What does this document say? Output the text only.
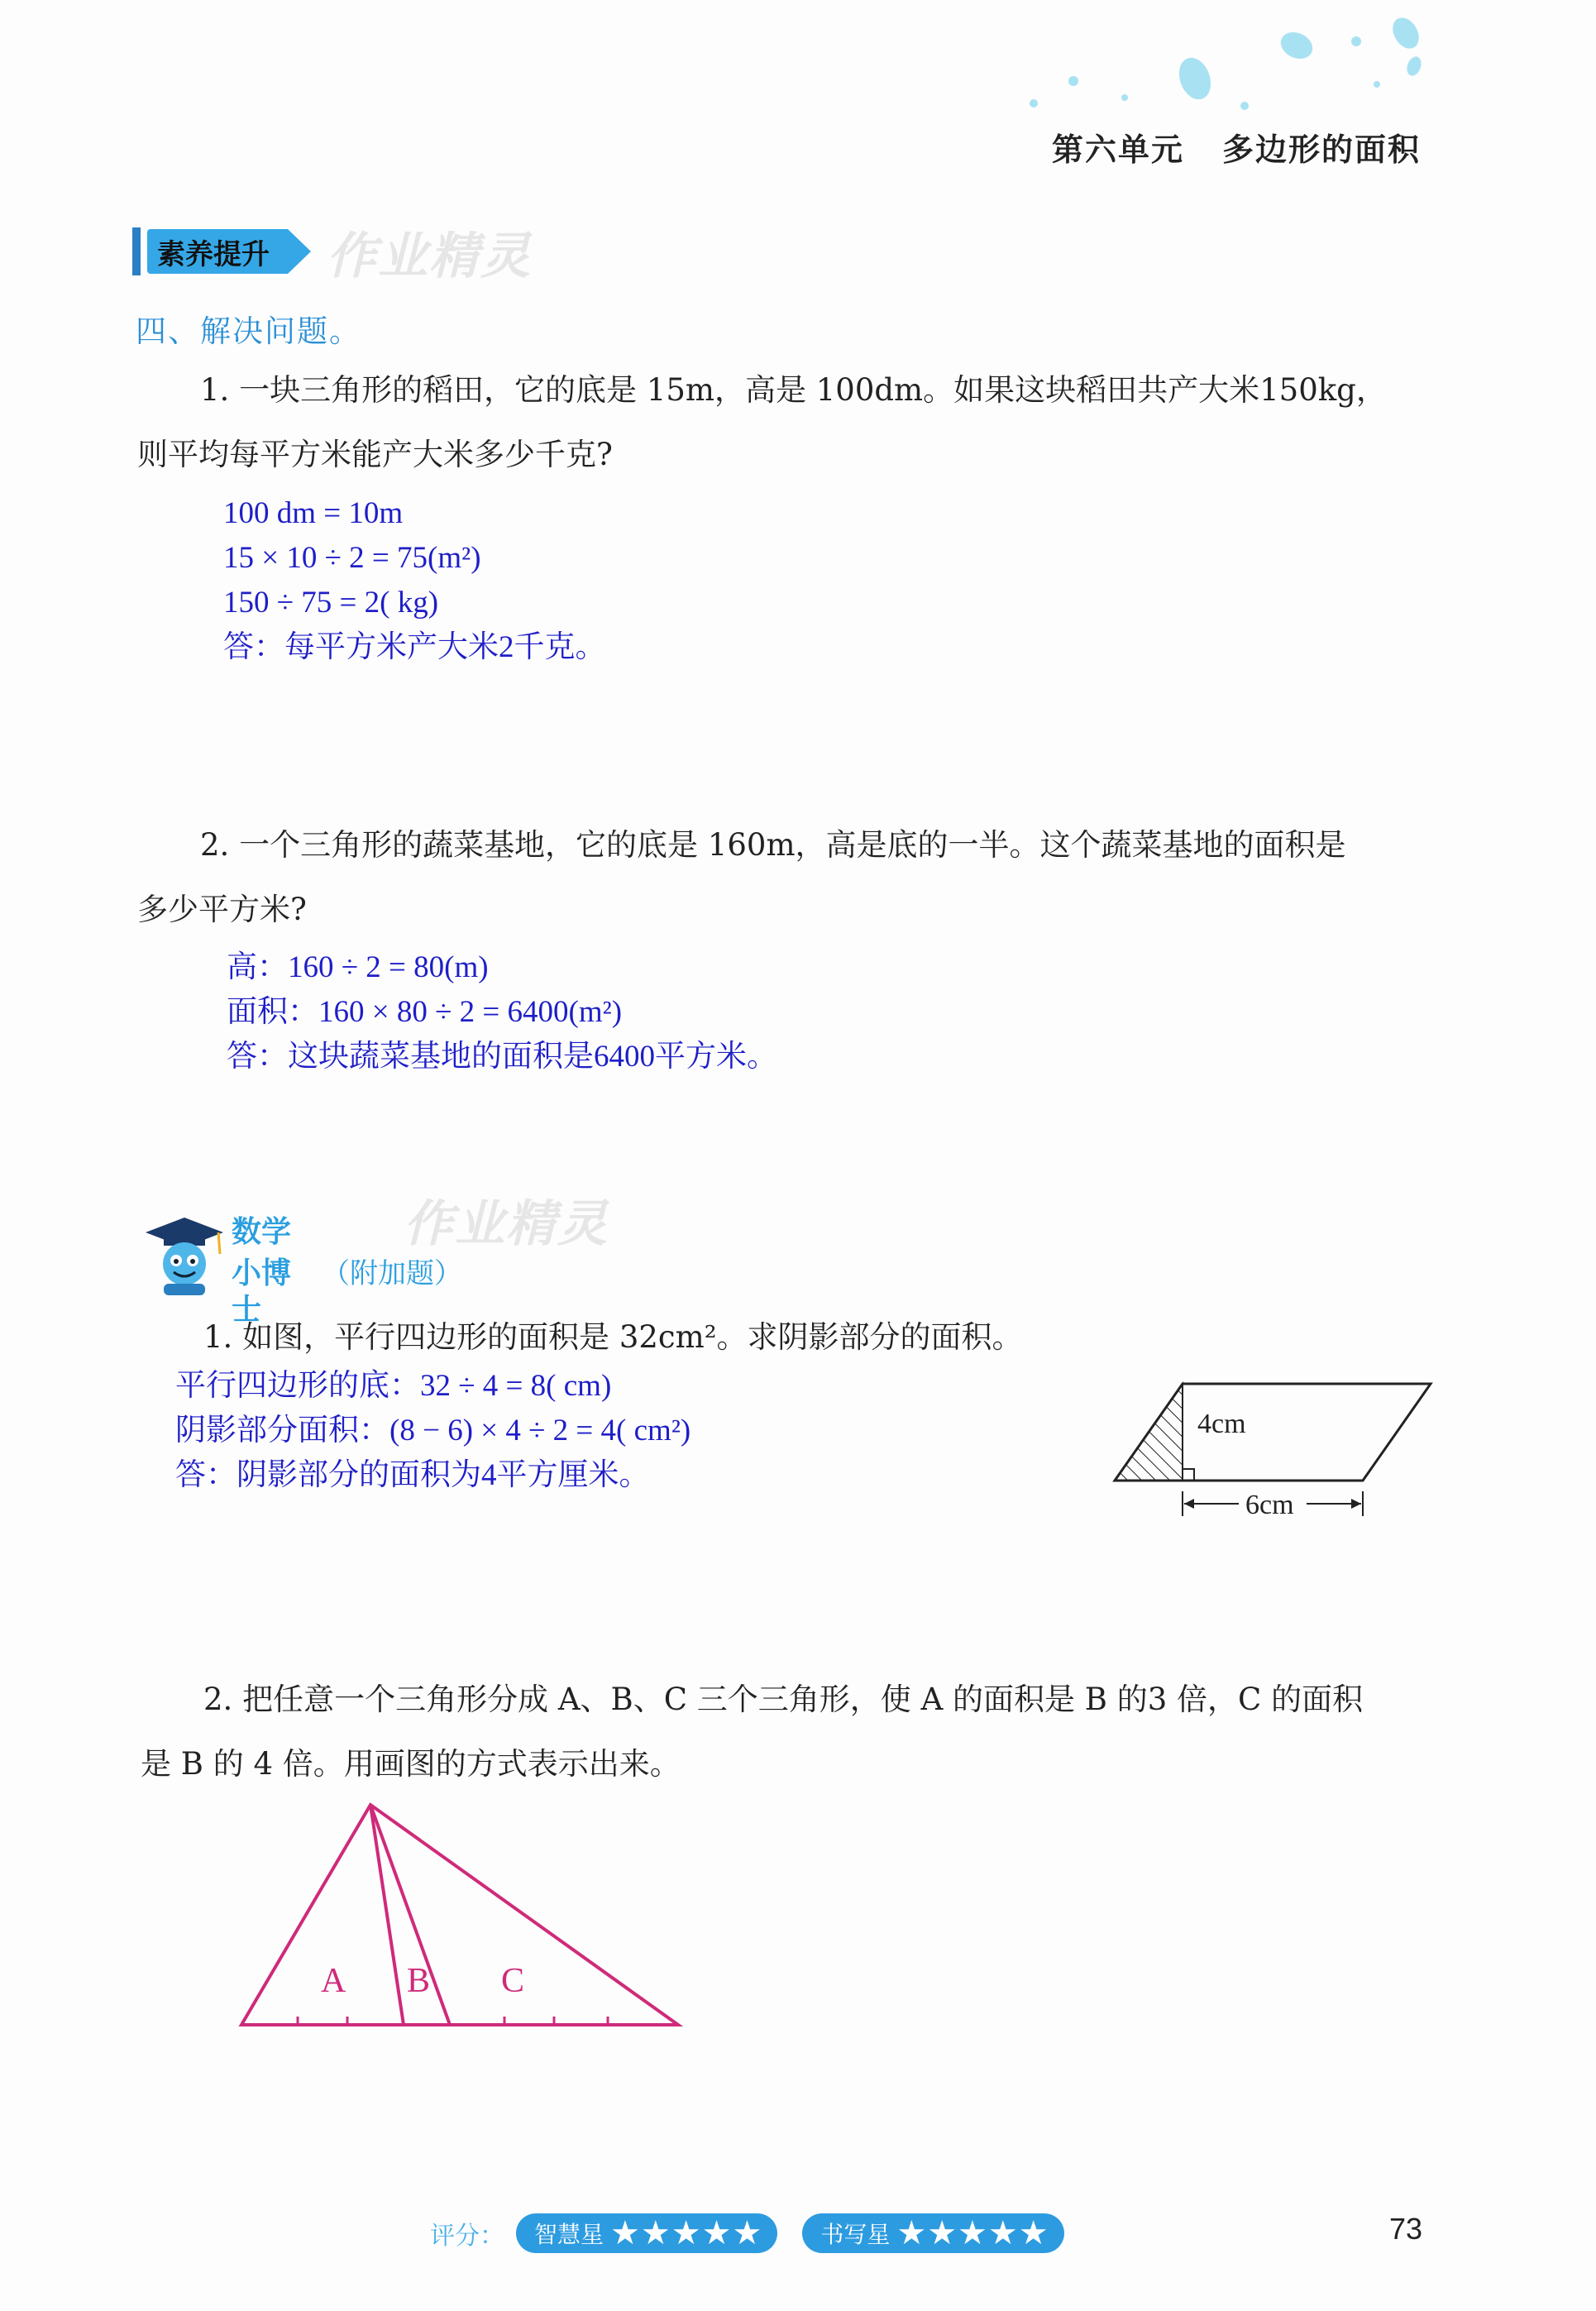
第六单元 多边形的面积
素养提升	作业精灵
四、解决问题。
1. 一块三角形的稻田，它的底是 15m，高是 100dm。如果这块稻田共产大米150kg，
则平均每平方米能产大米多少千克?
100 dm = 10m
15 × 10 ÷ 2 = 75(m²)
150 ÷ 75 = 2( kg)
答：每平方米产大米2千克。
2. 一个三角形的蔬菜基地，它的底是 160m，高是底的一半。这个蔬菜基地的面积是
多少平方米?
高：160 ÷ 2 = 80(m)
面积：160 × 80 ÷ 2 = 6400(m²)
答：这块蔬菜基地的面积是6400平方米。
数学
小博士
（附加题）
作业精灵
1. 如图，平行四边形的面积是 32cm²。求阴影部分的面积。
平行四边形的底：32 ÷ 4 = 8( cm)
阴影部分面积：(8 − 6) × 4 ÷ 2 = 4( cm²)
答：阴影部分的面积为4平方厘米。
4cm
6cm
2. 把任意一个三角形分成 A、B、C 三个三角形，使 A 的面积是 B 的3 倍，C 的面积
是 B 的 4 倍。用画图的方式表示出来。
A B C
评分： 智慧星 ★★★★★	书写星 ★★★★★	73
